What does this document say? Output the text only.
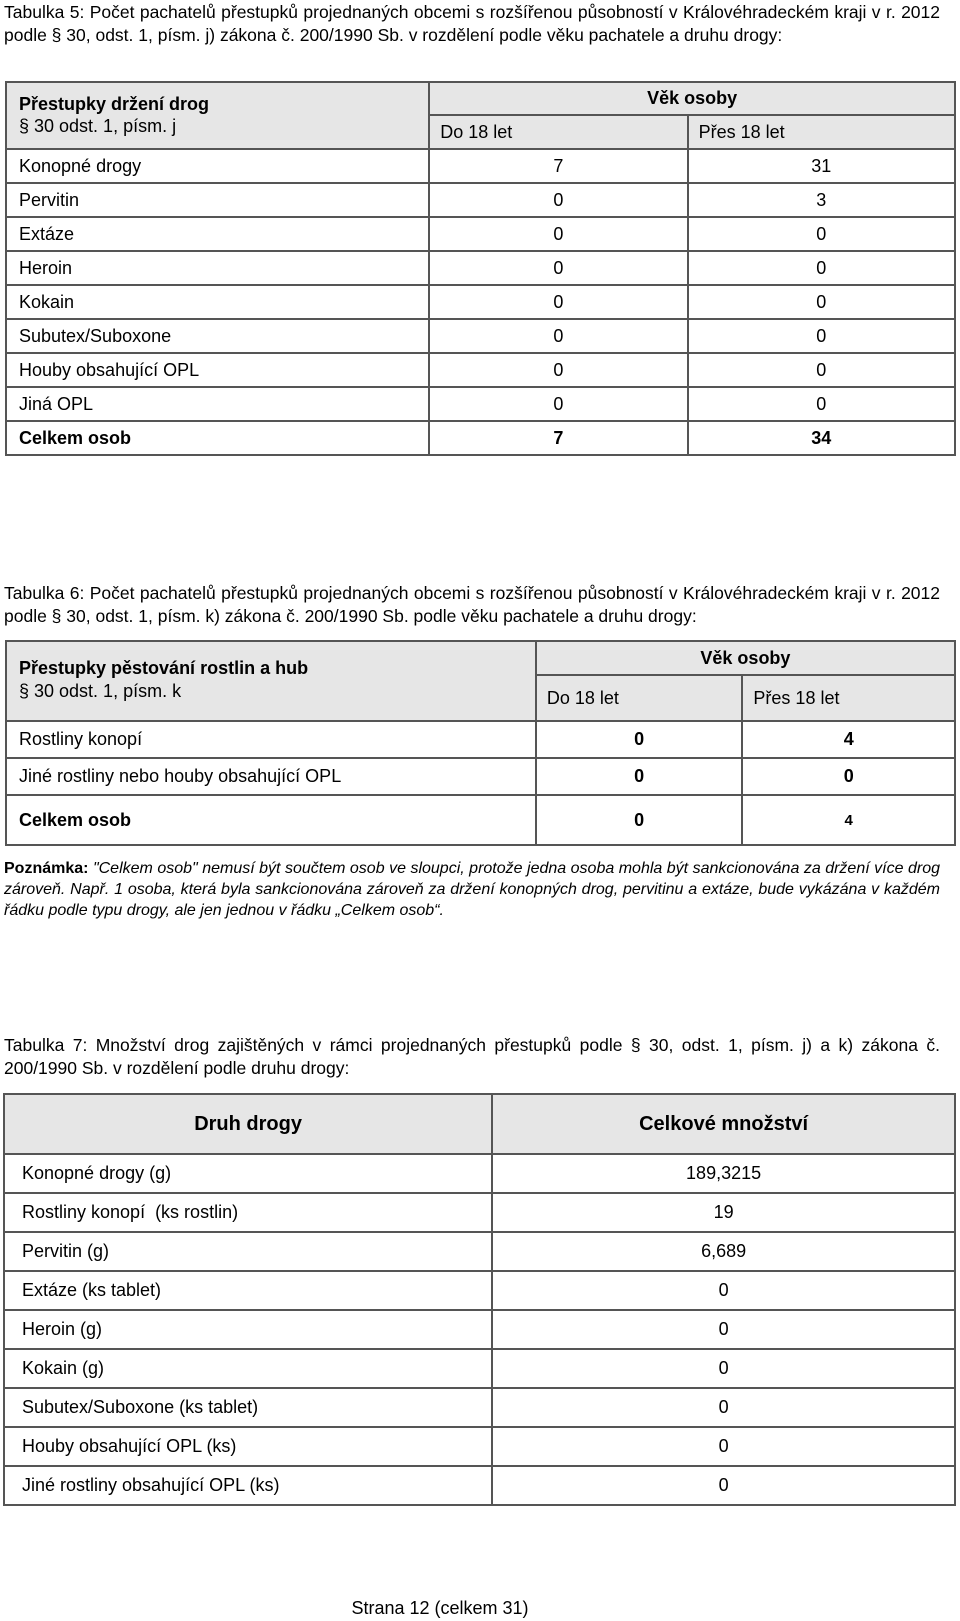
Tabulka 5: Počet pachatelů přestupků projednaných obcemi s rozšířenou působností v Královéhradeckém kraji v r. 2012 podle § 30, odst. 1, písm. j) zákona č. 200/1990 Sb. v rozdělení podle věku pachatele a druhu drogy:
Přestupky držení drog
§ 30 odst. 1, písm. j	Věk osoby	
	Do 18 let	Přes 18 let
Konopné drogy	7	31
Pervitin	0	3
Extáze	0	0
Heroin	0	0
Kokain	0	0
Subutex/Suboxone	0	0
Houby obsahující OPL	0	0
Jiná OPL	0	0
Celkem osob	7	34
Tabulka 6: Počet pachatelů přestupků projednaných obcemi s rozšířenou působností v Královéhradeckém kraji v r. 2012 podle § 30, odst. 1, písm. k) zákona č. 200/1990 Sb. podle věku pachatele a druhu drogy:
Přestupky pěstování rostlin a hub
§ 30 odst. 1, písm. k	Věk osoby	
	Do 18 let	Přes 18 let
Rostliny konopí	0	4
Jiné rostliny nebo houby obsahující OPL	0	0
Celkem osob	0	4
Poznámka: "Celkem osob" nemusí být součtem osob ve sloupci, protože jedna osoba mohla být sankcionována za držení více drog zároveň. Např. 1 osoba, která byla sankcionována zároveň za držení konopných drog, pervitinu a extáze, bude vykázána v každém řádku podle typu drogy, ale jen jednou v řádku „Celkem osob“.
Tabulka 7: Množství drog zajištěných v rámci projednaných přestupků podle § 30, odst. 1, písm. j) a k) zákona č. 200/1990 Sb. v rozdělení podle druhu drogy:
Druh drogy	Celkové množství
Konopné drogy (g)	189,3215
Rostliny konopí  (ks rostlin)	19
Pervitin (g)	6,689
Extáze (ks tablet)	0
Heroin (g)	0
Kokain (g)	0
Subutex/Suboxone (ks tablet)	0
Houby obsahující OPL (ks)	0
Jiné rostliny obsahující OPL (ks)	0
Strana 12 (celkem 31)
